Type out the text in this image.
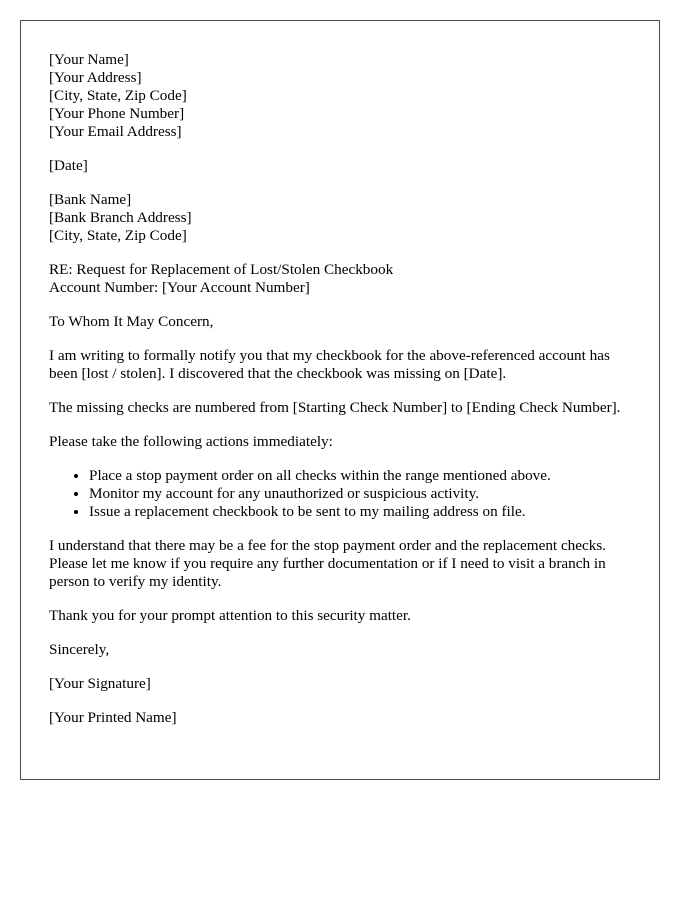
[Your Name]
[Your Address]
[City, State, Zip Code]
[Your Phone Number]
[Your Email Address]
[Date]
[Bank Name]
[Bank Branch Address]
[City, State, Zip Code]
RE: Request for Replacement of Lost/Stolen Checkbook
Account Number: [Your Account Number]

To Whom It May Concern,

I am writing to formally notify you that my checkbook for the above-referenced account has been [lost / stolen]. I discovered that the checkbook was missing on [Date].

The missing checks are numbered from [Starting Check Number] to [Ending Check Number].

Please take the following actions immediately:

• Place a stop payment order on all checks within the range mentioned above.
• Monitor my account for any unauthorized or suspicious activity.
• Issue a replacement checkbook to be sent to my mailing address on file.

I understand that there may be a fee for the stop payment order and the replacement checks. Please let me know if you require any further documentation or if I need to visit a branch in person to verify my identity.

Thank you for your prompt attention to this security matter.

Sincerely,

[Your Signature]

[Your Printed Name]
